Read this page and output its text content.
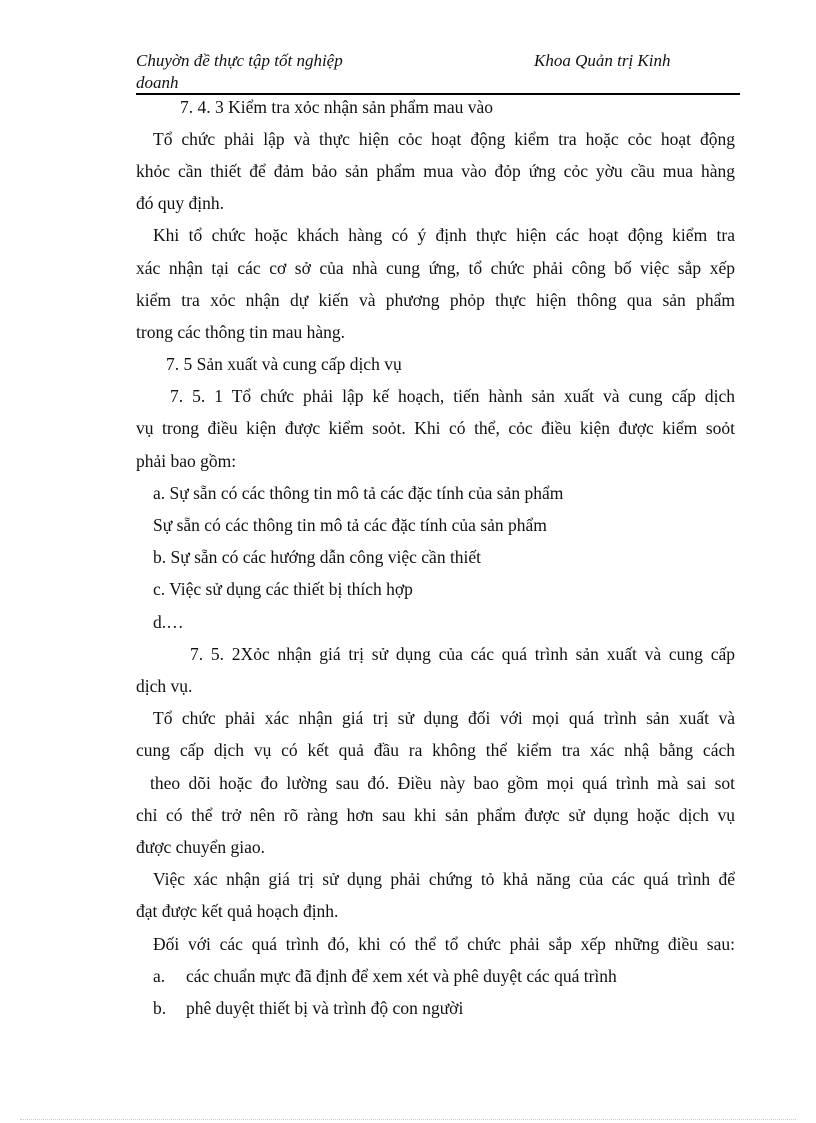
Chuyờn đề thực tập tốt nghiệp
doanh
Khoa Quản trị Kinh
7. 4. 3 Kiểm tra xỏc nhận sản phẩm mau vào
Tổ chức phải lập và thực hiện cỏc hoạt động kiểm tra hoặc cỏc hoạt động
khỏc cần thiết để đảm bảo sản phẩm mua vào đỏp ứng cỏc yờu cầu mua hàng
đó quy định.
Khi tổ chức hoặc khách hàng có ý định thực hiện các hoạt động kiểm tra
xác nhận tại các cơ sở của nhà cung ứng, tổ chức phải công bố việc sắp xếp
kiểm tra xỏc nhận dự kiến và phương phỏp thực hiện thông qua sản phẩm
trong các thông tin mau hàng.
7. 5 Sản xuất và cung cấp dịch vụ
7. 5. 1 Tổ chức phải lập kế hoạch, tiến hành sản xuất và cung cấp dịch
vụ trong điều kiện được kiểm soỏt. Khi có thể, cỏc điều kiện được kiểm soỏt
phải bao gồm:
a. Sự sẵn có các thông tin mô tả các đặc tính của sản phẩm
Sự sẵn có các thông tin mô tả các đặc tính của sản phẩm
b. Sự sẵn có các hướng dẫn công việc cần thiết
c. Việc sử dụng các thiết bị thích hợp
d.…
7. 5. 2Xỏc nhận giá trị sử dụng của các quá trình sản xuất và cung cấp
dịch vụ.
Tổ chức phải xác nhận giá trị sử dụng đối với mọi quá trình sản xuất và
cung cấp dịch vụ có kết quả đầu ra không thể kiểm tra xác nhậ bằng cách
theo dõi hoặc đo lường sau đó. Điều này bao gồm mọi quá trình mà sai sot
chỉ có thể trở nên rõ ràng hơn sau khi sản phẩm được sử dụng hoặc dịch vụ
được chuyển giao.
Việc xác nhận giá trị sử dụng phải chứng tỏ khả năng của các quá trình để
đạt được kết quả hoạch định.
Đối với các quá trình đó, khi có thể tổ chức phải sắp xếp những điều sau:
a. các chuẩn mực đã định để xem xét và phê duyệt các quá trình
b. phê duyệt thiết bị và trình độ con người
